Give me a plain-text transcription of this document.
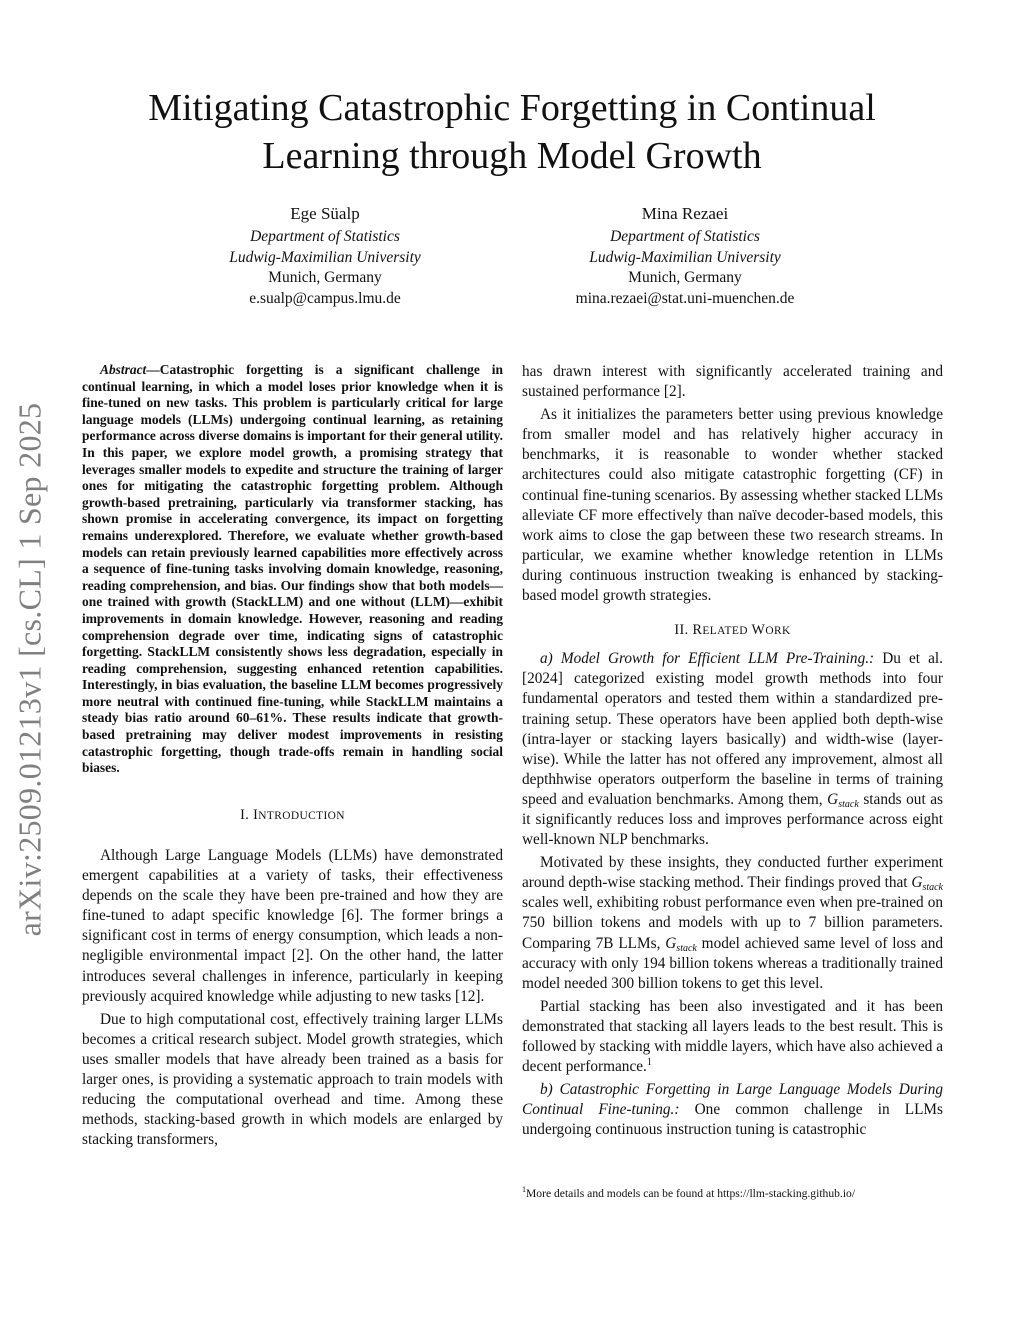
arXiv:2509.01213v1 [cs.CL] 1 Sep 2025
Mitigating Catastrophic Forgetting in Continual
Learning through Model Growth
Ege Süalp
Department of Statistics
Ludwig-Maximilian University
Munich, Germany
e.sualp@campus.lmu.de
Mina Rezaei
Department of Statistics
Ludwig-Maximilian University
Munich, Germany
mina.rezaei@stat.uni-muenchen.de

Abstract—Catastrophic forgetting is a significant challenge in continual learning, in which a model loses prior knowledge when it is fine-tuned on new tasks. This problem is particularly critical for large language models (LLMs) undergoing continual learning, as retaining performance across diverse domains is important for their general utility. In this paper, we explore model growth, a promising strategy that leverages smaller models to expedite and structure the training of larger ones for mitigating the catastrophic forgetting problem. Although growth-based pretraining, particularly via transformer stacking, has shown promise in accelerating convergence, its impact on forgetting remains underexplored. Therefore, we evaluate whether growth-based models can retain previously learned capabilities more effectively across a sequence of fine-tuning tasks involving domain knowledge, reasoning, reading comprehension, and bias. Our findings show that both models—one trained with growth (StackLLM) and one without (LLM)—exhibit improvements in domain knowledge. However, reasoning and reading comprehension degrade over time, indicating signs of catastrophic forgetting. StackLLM consistently shows less degradation, especially in reading comprehension, suggesting enhanced retention capabilities. Interestingly, in bias evaluation, the baseline LLM becomes progressively more neutral with continued fine-tuning, while StackLLM maintains a steady bias ratio around 60–61%. These results indicate that growth-based pretraining may deliver modest improvements in resisting catastrophic forgetting, though trade-offs remain in handling social biases.

I. INTRODUCTION

Although Large Language Models (LLMs) have demonstrated emergent capabilities at a variety of tasks, their effectiveness depends on the scale they have been pre-trained and how they are fine-tuned to adapt specific knowledge [6]. The former brings a significant cost in terms of energy consumption, which leads a non-negligible environmental impact [2]. On the other hand, the latter introduces several challenges in inference, particularly in keeping previously acquired knowledge while adjusting to new tasks [12].

Due to high computational cost, effectively training larger LLMs becomes a critical research subject. Model growth strategies, which uses smaller models that have already been trained as a basis for larger ones, is providing a systematic approach to train models with reducing the computational overhead and time. Among these methods, stacking-based growth in which models are enlarged by stacking transformers,

has drawn interest with significantly accelerated training and sustained performance [2].

As it initializes the parameters better using previous knowledge from smaller model and has relatively higher accuracy in benchmarks, it is reasonable to wonder whether stacked architectures could also mitigate catastrophic forgetting (CF) in continual fine-tuning scenarios. By assessing whether stacked LLMs alleviate CF more effectively than naïve decoder-based models, this work aims to close the gap between these two research streams. In particular, we examine whether knowledge retention in LLMs during continuous instruction tweaking is enhanced by stacking-based model growth strategies.

II. RELATED WORK

a) Model Growth for Efficient LLM Pre-Training.: Du et al. [2024] categorized existing model growth methods into four fundamental operators and tested them within a standardized pre-training setup. These operators have been applied both depth-wise (intra-layer or stacking layers basically) and width-wise (layer-wise). While the latter has not offered any improvement, almost all depthhwise operators outperform the baseline in terms of training speed and evaluation benchmarks. Among them, $G_{stack}$ stands out as it significantly reduces loss and improves performance across eight well-known NLP benchmarks.

Motivated by these insights, they conducted further experiment around depth-wise stacking method. Their findings proved that $G_{stack}$ scales well, exhibiting robust performance even when pre-trained on 750 billion tokens and models with up to 7 billion parameters. Comparing 7B LLMs, $G_{stack}$ model achieved same level of loss and accuracy with only 194 billion tokens whereas a traditionally trained model needed 300 billion tokens to get this level.

Partial stacking has been also investigated and it has been demonstrated that stacking all layers leads to the best result. This is followed by stacking with middle layers, which have also achieved a decent performance.$^1$

b) Catastrophic Forgetting in Large Language Models During Continual Fine-tuning.: One common challenge in LLMs undergoing continuous instruction tuning is catastrophic

$^1$More details and models can be found at https://llm-stacking.github.io/
